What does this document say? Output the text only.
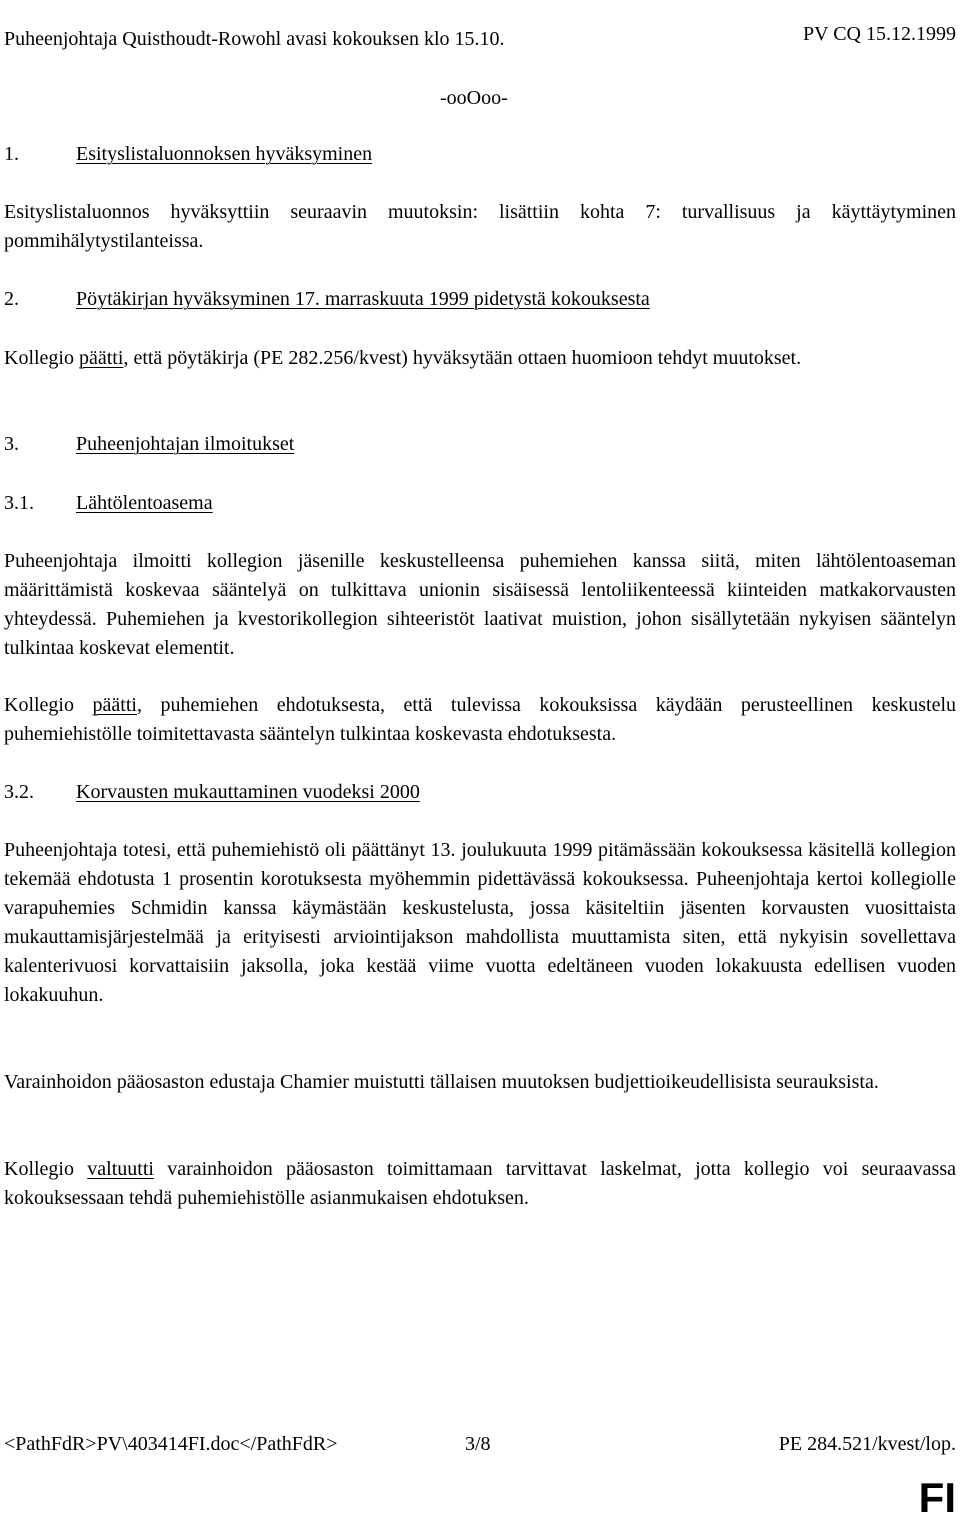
Puheenjohtaja Quisthoudt-Rowohl avasi kokouksen klo 15.10.	PV CQ 15.12.1999
-ooOoo-
1.	Esityslistaluonnoksen hyväksyminen
Esityslistaluonnos hyväksyttiin seuraavin muutoksin: lisättiin kohta 7: turvallisuus ja käyttäytyminen pommihälytystilanteissa.
2.	Pöytäkirjan hyväksyminen 17. marraskuuta 1999 pidetystä kokouksesta
Kollegio päätti, että pöytäkirja (PE 282.256/kvest) hyväksytään ottaen huomioon tehdyt muutokset.
3.	Puheenjohtajan ilmoitukset
3.1. Lähtölentoasema
Puheenjohtaja ilmoitti kollegion jäsenille keskustelleensa puhemiehen kanssa siitä, miten lähtölentoaseman määrittämistä koskevaa sääntelyä on tulkittava unionin sisäisessä lentoliikenteessä kiinteiden matkakorvausten yhteydessä. Puhemiehen ja kvestorikollegion sihteeristöt laativat muistion, johon sisällytetään nykyisen sääntelyn tulkintaa koskevat elementit.
Kollegio päätti, puhemiehen ehdotuksesta, että tulevissa kokouksissa käydään perusteellinen keskustelu puhemiehistölle toimitettavasta sääntelyn tulkintaa koskevasta ehdotuksesta.
3.2. Korvausten mukauttaminen vuodeksi 2000
Puheenjohtaja totesi, että puhemiehistö oli päättänyt 13. joulukuuta 1999 pitämässään kokouksessa käsitellä kollegion tekemää ehdotusta 1 prosentin korotuksesta myöhemmin pidettävässä kokouksessa. Puheenjohtaja kertoi kollegiolle varapuhemies Schmidin kanssa käymästään keskustelusta, jossa käsiteltiin jäsenten korvausten vuosittaista mukauttamisjärjestelmää ja erityisesti arviointijakson mahdollista muuttamista siten, että nykyisin sovellettava kalenterivuosi korvattaisiin jaksolla, joka kestää viime vuotta edeltäneen vuoden lokakuusta edellisen vuoden lokakuuhun.
Varainhoidon pääosaston edustaja Chamier muistutti tällaisen muutoksen budjettioikeudellisista seurauksista.
Kollegio valtuutti varainhoidon pääosaston toimittamaan tarvittavat laskelmat, jotta kollegio voi seuraavassa kokouksessaan tehdä puhemiehistölle asianmukaisen ehdotuksen.
<PathFdR>PV\403414FI.doc</PathFdR>	3/8	PE 284.521/kvest/lop.
FI
